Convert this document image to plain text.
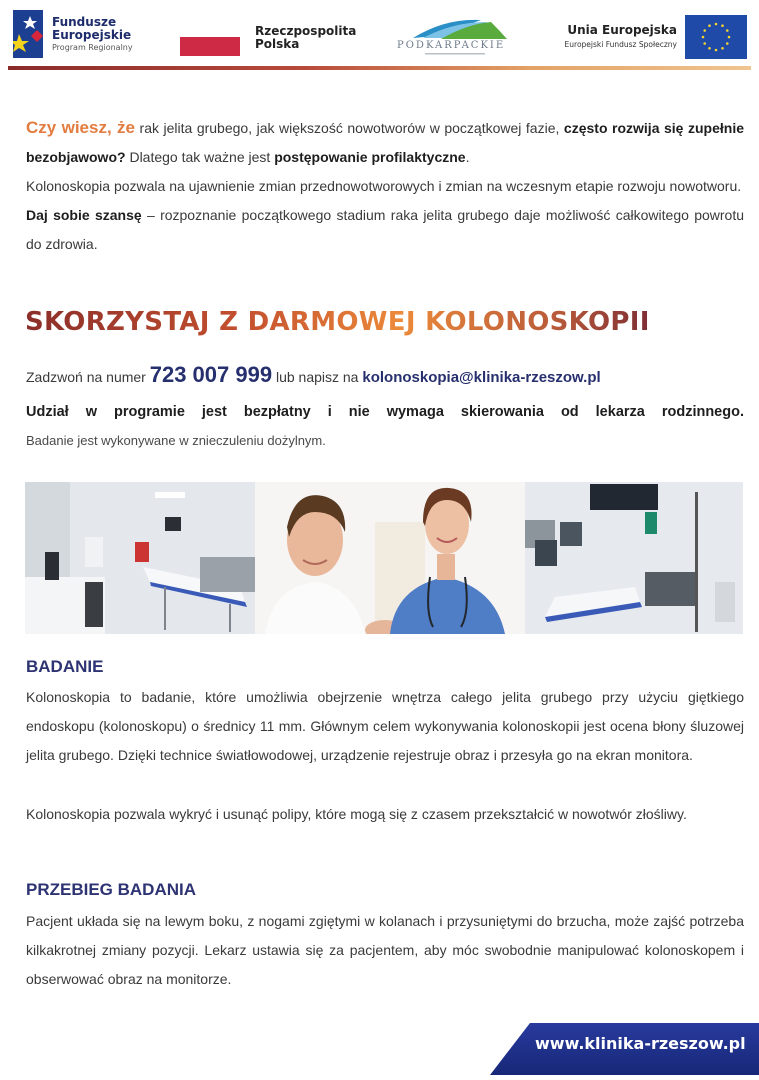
Fundusze
Europejskie
Program Regionalny
Rzeczpospolita
Polska	PODKARPACKIE
Unia Europejska
Europejski Fundusz Społeczny

Czy wiesz, że rak jelita grubego, jak większość nowotworów w początkowej fazie, często rozwija się zupełnie bezobjawowo? Dlatego tak ważne jest postępowanie profilaktyczne.

Kolonoskopia pozwala na ujawnienie zmian przednowotworowych i zmian na wczesnym etapie rozwoju nowotworu.

Daj sobie szansę – rozpoznanie początkowego stadium raka jelita grubego daje możliwość całkowitego powrotu do zdrowia.

SKORZYSTAJ Z DARMOWEJ KOLONOSKOPII
Zadzwoń na numer 723 007 999 lub napisz na kolonoskopia@klinika-rzeszow.pl
Udział w programie jest bezpłatny i nie wymaga skierowania od lekarza rodzinnego.
Badanie jest wykonywane w znieczuleniu dożylnym.
BADANIE
Kolonoskopia to badanie, które umożliwia obejrzenie wnętrza całego jelita grubego przy użyciu giętkiego endoskopu (kolonoskopu) o średnicy 11 mm. Głównym celem wykonywania kolonoskopii jest ocena błony śluzowej jelita grubego. Dzięki technice światłowodowej, urządzenie rejestruje obraz i przesyła go na ekran monitora.
Kolonoskopia pozwala wykryć i usunąć polipy, które mogą się z czasem przekształcić w nowotwór złośliwy.
PRZEBIEG BADANIA
Pacjent układa się na lewym boku, z nogami zgiętymi w kolanach i przysuniętymi do brzucha, może zajść potrzeba kilkakrotnej zmiany pozycji. Lekarz ustawia się za pacjentem, aby móc swobodnie manipulować kolonoskopem i obserwować obraz na monitorze.
www.klinika-rzeszow.pl
